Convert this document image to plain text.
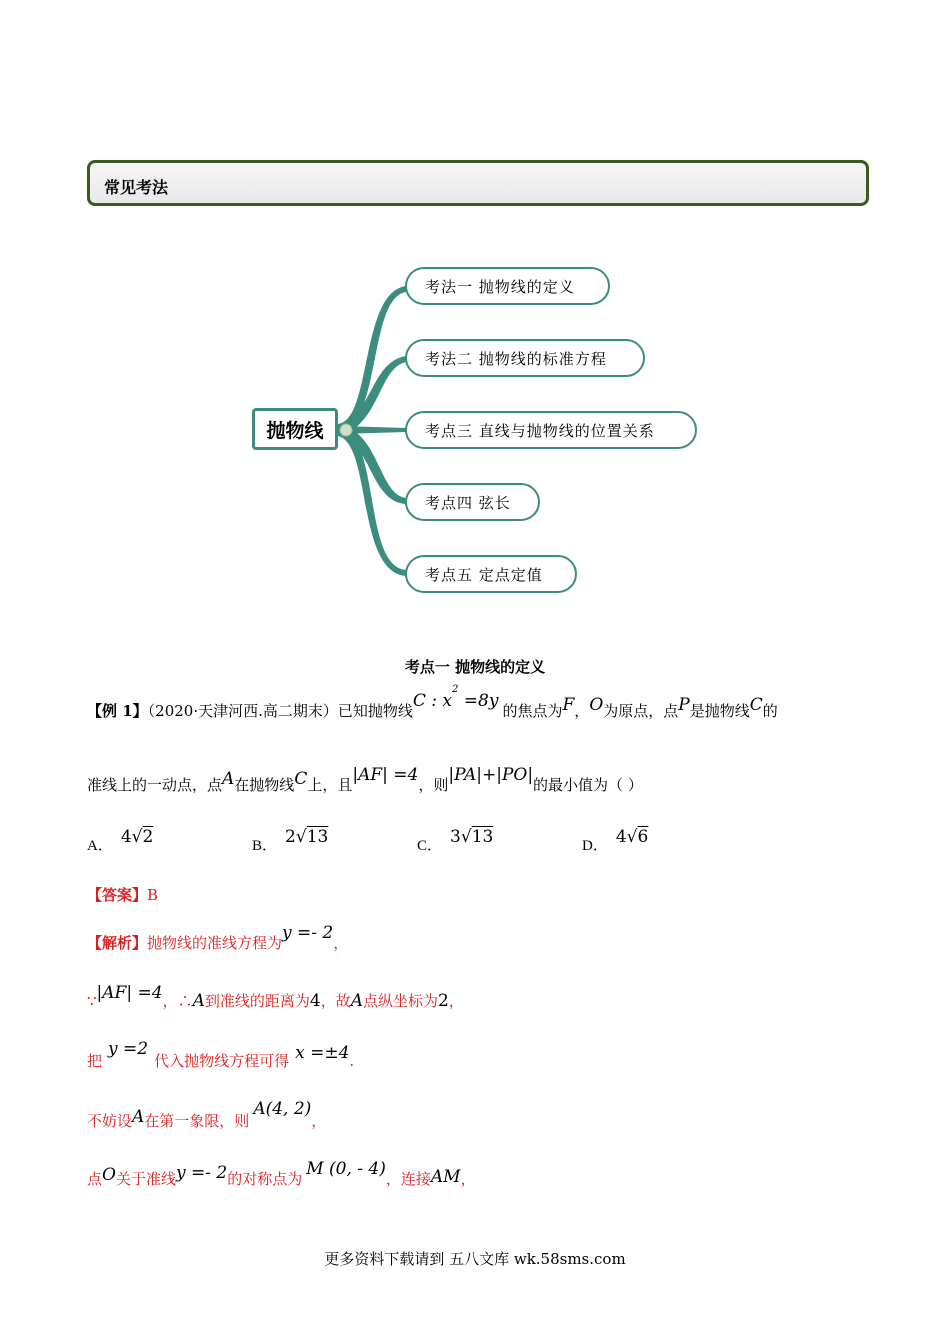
常见考法
抛物线
考法一 抛物线的定义
考法二 抛物线的标准方程
考点三 直线与抛物线的位置关系
考点四 弦长
考点五 定点定值
考点一 抛物线的定义
【例 1】（2020·天津河西.高二期末）已知抛物线C : $x^2 =8y$ 的焦点为F，O为原点，点P是抛物线C的
准线上的一动点，点A在抛物线C上，且|AF| =4，则|PA|+|PO|的最小值为（ ）
A． 4√2	B． 2√13	C． 3√13	D． 4√6
【答案】B
【解析】抛物线的准线方程为y =- 2，
∵|AF| =4，∴A到准线的距离为4，故A点纵坐标为2，
把y =2代入抛物线方程可得 x =±4.
不妨设A在第一象限，则A(4, 2)，
点O关于准线y =- 2的对称点为 M (0, - 4)，连接AM，
更多资料下载请到 五八文库 wk.58sms.com
